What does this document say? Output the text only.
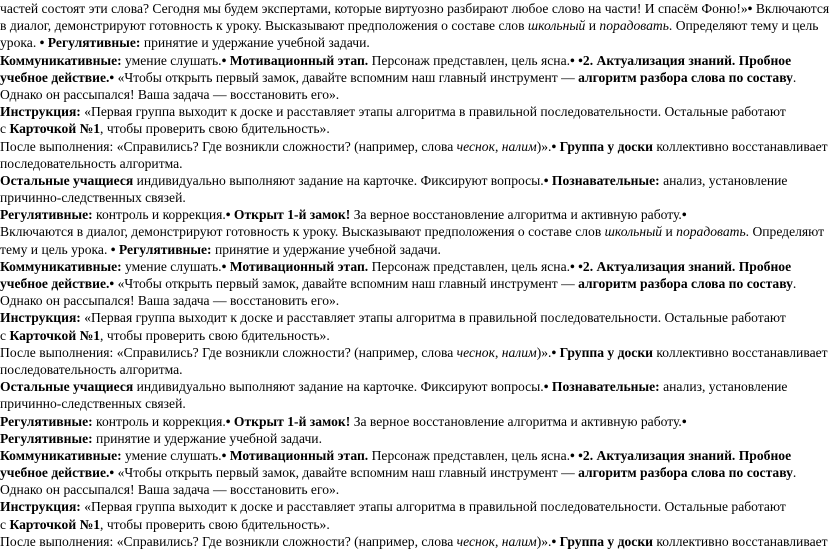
частей состоят эти слова? Сегодня мы будем экспертами, которые виртуозно разбирают любое слово на части! И спасём Фоню!»• Включаются
в диалог, демонстрируют готовность к уроку. Высказывают предположения о составе слов школьный и порадовать. Определяют тему и цель
урока. • Регулятивные: принятие и удержание учебной задачи.
Коммуникативные: умение слушать.• Мотивационный этап. Персонаж представлен, цель ясна.• •2. Актуализация знаний. Пробное
учебное действие.• «Чтобы открыть первый замок, давайте вспомним наш главный инструмент — алгоритм разбора слова по составу.
Однако он рассыпался! Ваша задача — восстановить его».
Инструкция: «Первая группа выходит к доске и расставляет этапы алгоритма в правильной последовательности. Остальные работают
с Карточкой №1, чтобы проверить свою бдительность».
После выполнения: «Справились? Где возникли сложности? (например, слова чеснок, налим)».• Группа у доски коллективно восстанавливает
последовательность алгоритма.
Остальные учащиеся индивидуально выполняют задание на карточке. Фиксируют вопросы.• Познавательные: анализ, установление
причинно-следственных связей.
Регулятивные: контроль и коррекция.• Открыт 1-й замок! За верное восстановление алгоритма и активную работу.•
Включаются в диалог, демонстрируют готовность к уроку. Высказывают предположения о составе слов школьный и порадовать. Определяют
тему и цель урока. • Регулятивные: принятие и удержание учебной задачи.
Коммуникативные: умение слушать.• Мотивационный этап. Персонаж представлен, цель ясна.• •2. Актуализация знаний. Пробное
учебное действие.• «Чтобы открыть первый замок, давайте вспомним наш главный инструмент — алгоритм разбора слова по составу.
Однако он рассыпался! Ваша задача — восстановить его».
Инструкция: «Первая группа выходит к доске и расставляет этапы алгоритма в правильной последовательности. Остальные работают
с Карточкой №1, чтобы проверить свою бдительность».
После выполнения: «Справились? Где возникли сложности? (например, слова чеснок, налим)».• Группа у доски коллективно восстанавливает
последовательность алгоритма.
Остальные учащиеся индивидуально выполняют задание на карточке. Фиксируют вопросы.• Познавательные: анализ, установление
причинно-следственных связей.
Регулятивные: контроль и коррекция.• Открыт 1-й замок! За верное восстановление алгоритма и активную работу.•
Регулятивные: принятие и удержание учебной задачи.
Коммуникативные: умение слушать.• Мотивационный этап. Персонаж представлен, цель ясна.• •2. Актуализация знаний. Пробное
учебное действие.• «Чтобы открыть первый замок, давайте вспомним наш главный инструмент — алгоритм разбора слова по составу.
Однако он рассыпался! Ваша задача — восстановить его».
Инструкция: «Первая группа выходит к доске и расставляет этапы алгоритма в правильной последовательности. Остальные работают
с Карточкой №1, чтобы проверить свою бдительность».
После выполнения: «Справились? Где возникли сложности? (например, слова чеснок, налим)».• Группа у доски коллективно восстанавливает
